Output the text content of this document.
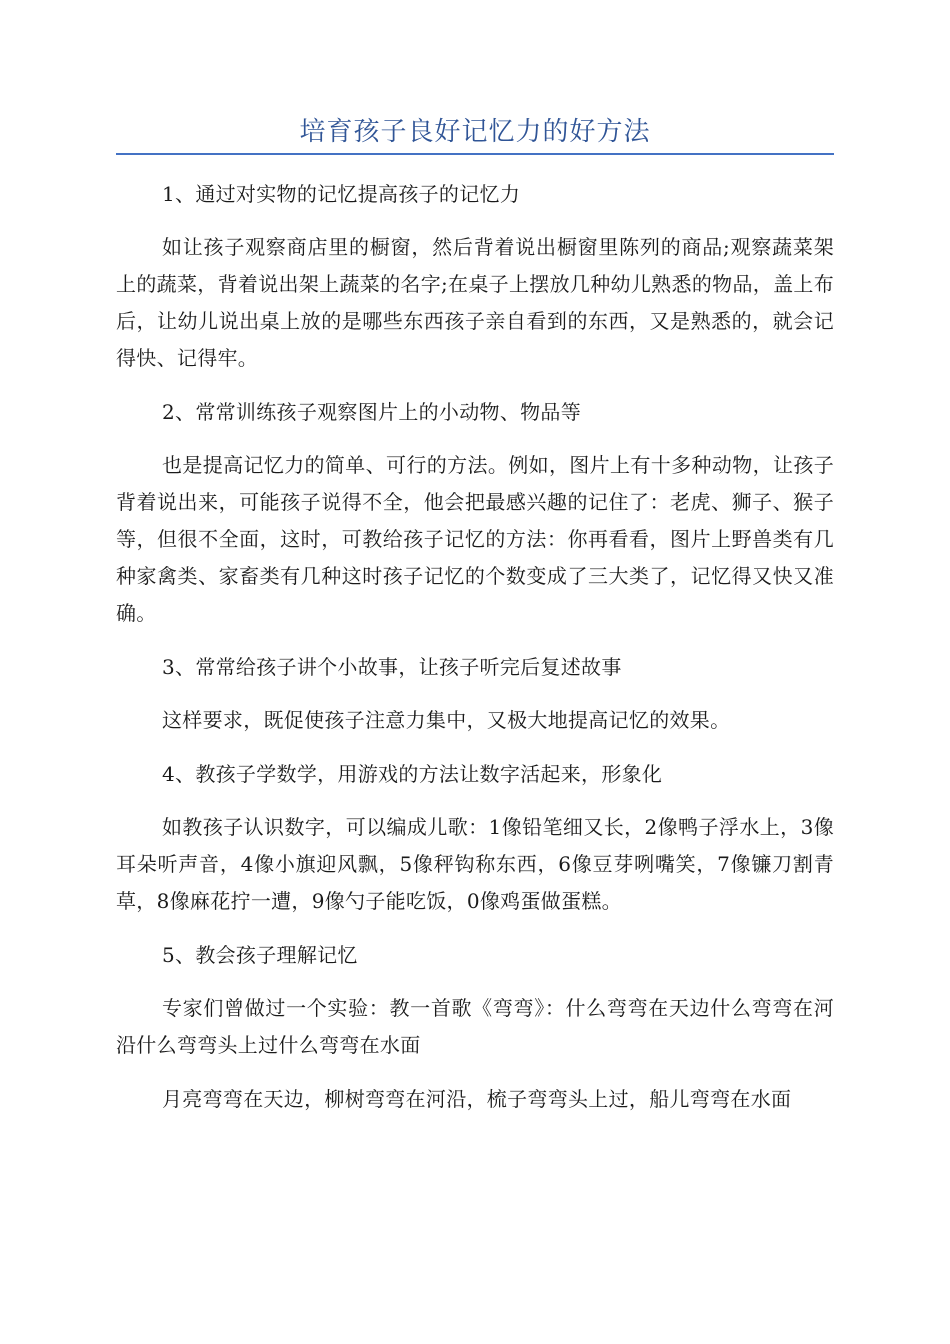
培育孩子良好记忆力的好方法

1、通过对实物的记忆提高孩子的记忆力

如让孩子观察商店里的橱窗，然后背着说出橱窗里陈列的商品;观察蔬菜架上的蔬菜，背着说出架上蔬菜的名字;在桌子上摆放几种幼儿熟悉的物品，盖上布后，让幼儿说出桌上放的是哪些东西孩子亲自看到的东西，又是熟悉的，就会记得快、记得牢。

2、常常训练孩子观察图片上的小动物、物品等

也是提高记忆力的简单、可行的方法。例如，图片上有十多种动物，让孩子背着说出来，可能孩子说得不全，他会把最感兴趣的记住了：老虎、狮子、猴子等，但很不全面，这时，可教给孩子记忆的方法：你再看看，图片上野兽类有几种家禽类、家畜类有几种这时孩子记忆的个数变成了三大类了，记忆得又快又准确。

3、常常给孩子讲个小故事，让孩子听完后复述故事

这样要求，既促使孩子注意力集中，又极大地提高记忆的效果。

4、教孩子学数学，用游戏的方法让数字活起来，形象化

如教孩子认识数字，可以编成儿歌：1像铅笔细又长，2像鸭子浮水上，3像耳朵听声音，4像小旗迎风飘，5像秤钩称东西，6像豆芽咧嘴笑，7像镰刀割青草，8像麻花拧一遭，9像勺子能吃饭，0像鸡蛋做蛋糕。

5、教会孩子理解记忆

专家们曾做过一个实验：教一首歌《弯弯》：什么弯弯在天边什么弯弯在河沿什么弯弯头上过什么弯弯在水面

月亮弯弯在天边，柳树弯弯在河沿，梳子弯弯头上过，船儿弯弯在水面
